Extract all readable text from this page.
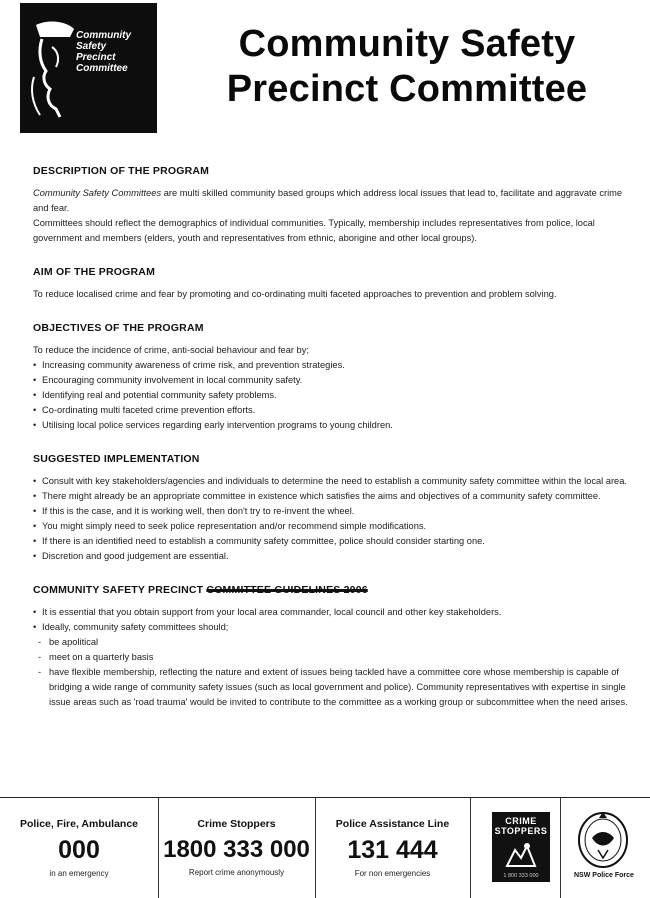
Community
Safety
Precinct
Committee
Community Safety
Precinct Committee
DESCRIPTION OF THE PROGRAM

Community Safety Committees are multi skilled community based groups which address local issues that lead to, facilitate and aggravate crime and fear.

Committees should reflect the demographics of individual communities. Typically, membership includes representatives from police, local government and members (elders, youth and representatives from ethnic, aborigine and other local groups).

AIM OF THE PROGRAM

To reduce localised crime and fear by promoting and co-ordinating multi faceted approaches to prevention and problem solving.

OBJECTIVES OF THE PROGRAM

To reduce the incidence of crime, anti-social behaviour and fear by;

• Increasing community awareness of crime risk, and prevention strategies.
• Encouraging community involvement in local community safety.
• Identifying real and potential community safety problems.
• Co-ordinating multi faceted crime prevention efforts.
• Utilising local police services regarding early intervention programs to young children.
SUGGESTED IMPLEMENTATION
• Consult with key stakeholders/agencies and individuals to determine the need to establish a community safety committee within the local area.
• There might already be an appropriate committee in existence which satisfies the aims and objectives of a community safety committee.
• If this is the case, and it is working well, then don't try to re-invent the wheel.
• You might simply need to seek police representation and/or recommend simple modifications.
• If there is an identified need to establish a community safety committee, police should consider starting one.
• Discretion and good judgement are essential.
COMMUNITY SAFETY PRECINCT COMMITTEE GUIDELINES 2006
• It is essential that you obtain support from your local area commander, local council and other key stakeholders.
• Ideally, community safety committees should;
- be apolitical
- meet on a quarterly basis
- have flexible membership, reflecting the nature and extent of issues being tackled have a committee core whose membership is capable of bridging a wide range of community safety issues (such as local government and police). Community representatives with expertise in single issue areas such as 'road trauma' would be invited to contribute to the committee as a working group or subcommittee when the need arises.
Police, Fire, Ambulance
000
in an emergency
Crime Stoppers
1800 333 000
Report crime anonymously
Police Assistance Line
131 444
For non emergencies
CRIME
STOPPERS
1 800 333 000	NSW Police Force
